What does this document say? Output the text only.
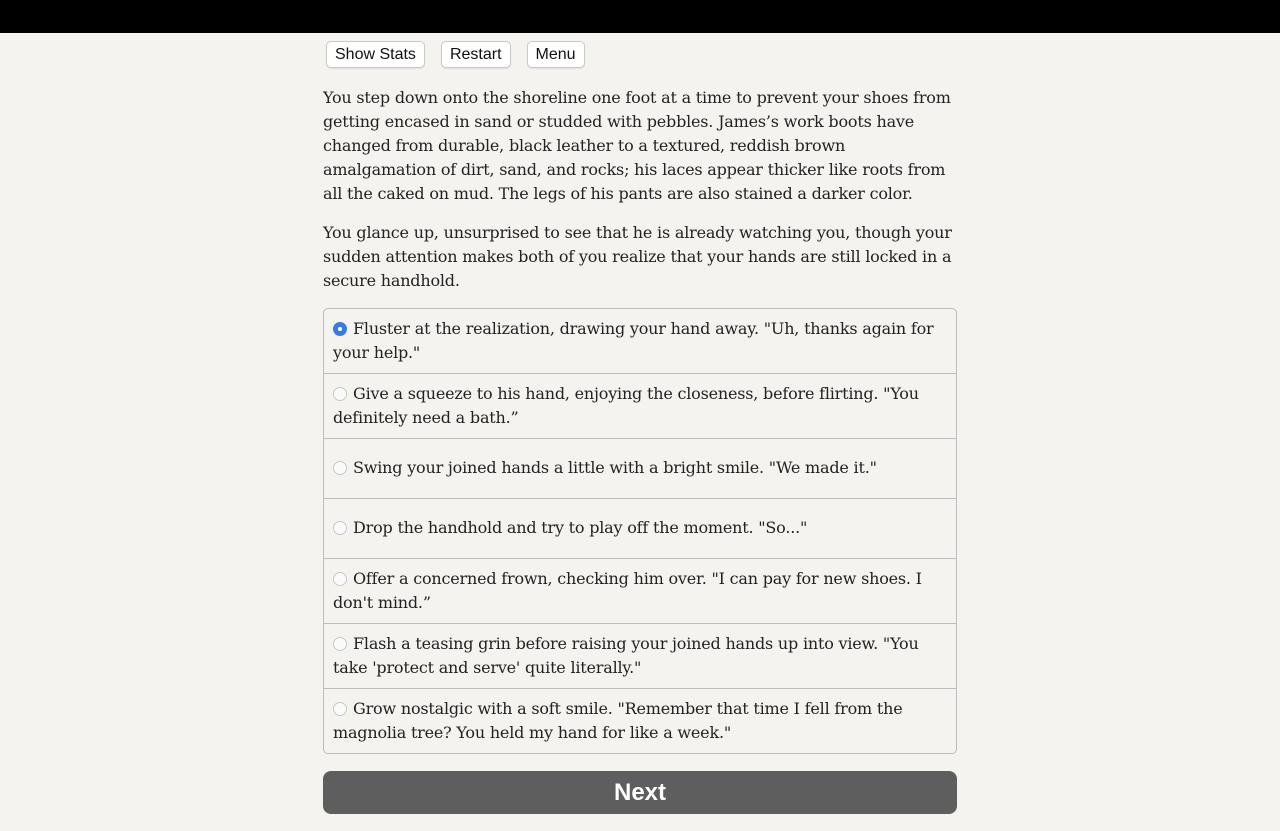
Show Stats	Restart	Menu

You step down onto the shoreline one foot at a time to prevent your shoes from getting encased in sand or studded with pebbles. James’s work boots have changed from durable, black leather to a textured, reddish brown amalgamation of dirt, sand, and rocks; his laces appear thicker like roots from all the caked on mud. The legs of his pants are also stained a darker color.

You glance up, unsurprised to see that he is already watching you, though your sudden attention makes both of you realize that your hands are still locked in a secure handhold.

Fluster at the realization, drawing your hand away. "Uh, thanks again for your help."
Give a squeeze to his hand, enjoying the closeness, before flirting. "You definitely need a bath.”
Swing your joined hands a little with a bright smile. "We made it."
Drop the handhold and try to play off the moment. "So..."
Offer a concerned frown, checking him over. "I can pay for new shoes. I don't mind.”
Flash a teasing grin before raising your joined hands up into view. "You take 'protect and serve' quite literally."
Grow nostalgic with a soft smile. "Remember that time I fell from the magnolia tree? You held my hand for like a week."
Next
